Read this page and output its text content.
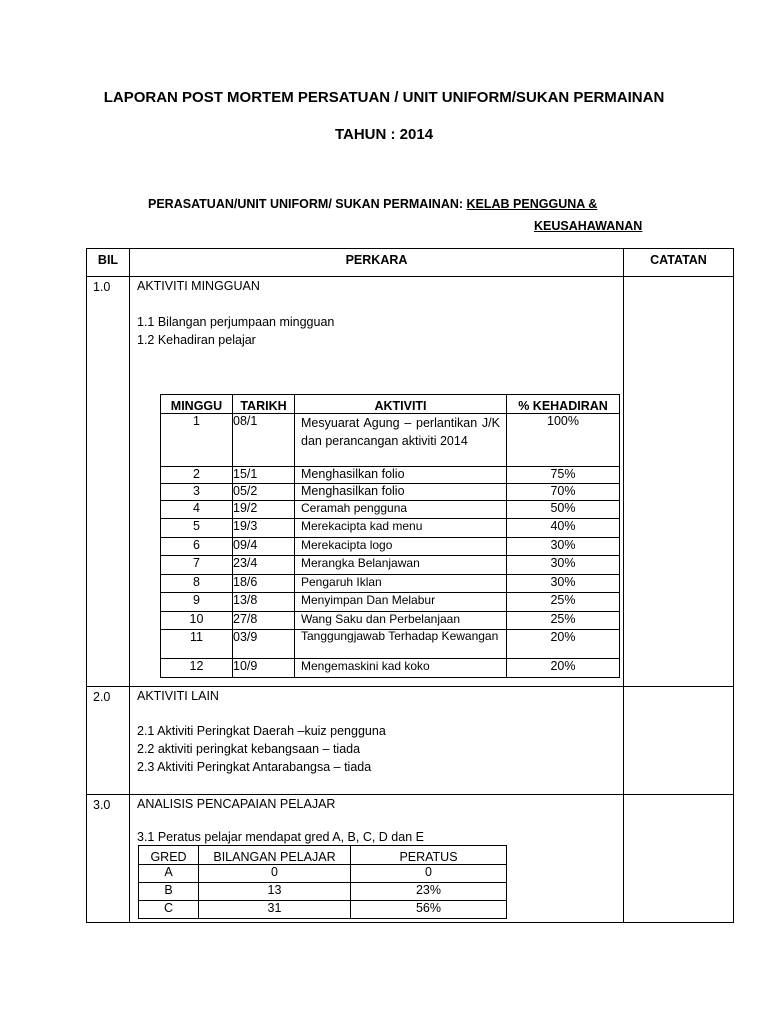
LAPORAN POST MORTEM PERSATUAN / UNIT UNIFORM/SUKAN PERMAINAN
TAHUN : 2014
PERASATUAN/UNIT UNIFORM/ SUKAN PERMAINAN: KELAB PENGGUNA &
KEUSAHAWANAN
BIL	PERKARA	CATATAN
1.0	AKTIVITI MINGGUAN
1.1 Bilangan perjumpaan mingguan
1.2 Kehadiran pelajar
MINGGU	TARIKH	AKTIVITI	% KEHADIRAN
1	08/1	Mesyuarat Agung – perlantikan J/K dan perancangan aktiviti 2014	100%
2	15/1	Menghasilkan folio	75%
3	05/2	Menghasilkan folio	70%
4	19/2	Ceramah pengguna	50%
5	19/3	Merekacipta kad menu	40%
6	09/4	Merekacipta logo	30%
7	23/4	Merangka Belanjawan	30%
8	18/6	Pengaruh Iklan	30%
9	13/8	Menyimpan Dan Melabur	25%
10	27/8	Wang Saku dan Perbelanjaan	25%
11	03/9	Tanggungjawab Terhadap Kewangan	20%
12	10/9	Mengemaskini kad koko	20%

2.0	AKTIVITI LAIN
2.1 Aktiviti Peringkat Daerah –kuiz pengguna
2.2 aktiviti peringkat kebangsaan – tiada
2.3 Aktiviti Peringkat Antarabangsa – tiada

3.0	ANALISIS PENCAPAIAN PELAJAR
3.1 Peratus pelajar mendapat gred A, B, C, D dan E
GRED	BILANGAN PELAJAR	PERATUS
A	0	0
B	13	23%
C	31	56%
